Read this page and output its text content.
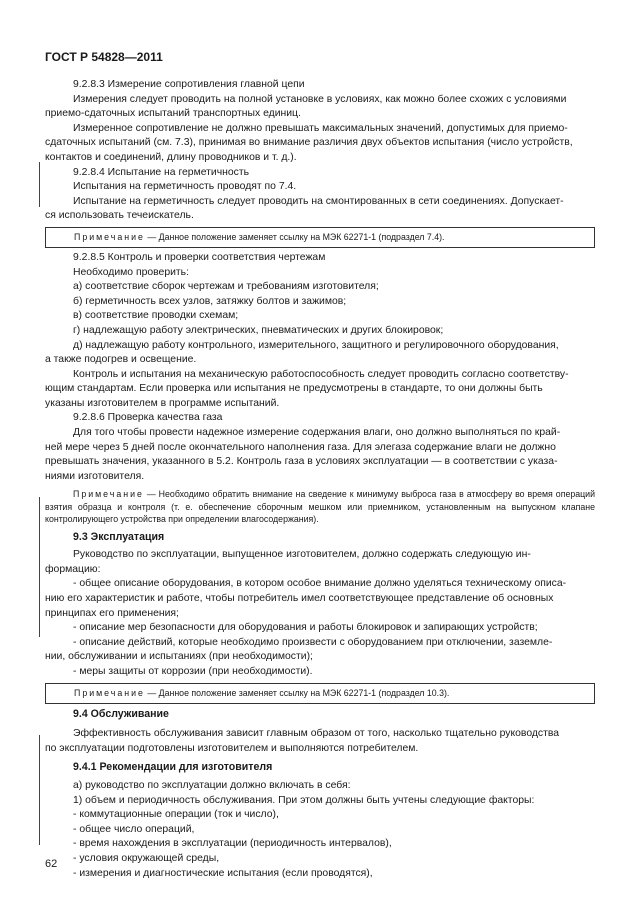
ГОСТ Р 54828—2011

9.2.8.3 Измерение сопротивления главной цепи

Измерения следует проводить на полной установке в условиях, как можно более схожих с условиями

приемо-сдаточных испытаний транспортных единиц.

Измеренное сопротивление не должно превышать максимальных значений, допустимых для приемо-

сдаточных испытаний (см. 7.3), принимая во внимание различия двух объектов испытания (число устройств,

контактов и соединений, длину проводников и т. д.).

9.2.8.4 Испытание на герметичность

Испытания на герметичность проводят по 7.4.

Испытание на герметичность следует проводить на смонтированных в сети соединениях. Допускает-

ся использовать течеискатель.

Примечание — Данное положение заменяет ссылку на МЭК 62271-1 (подраздел 7.4).

9.2.8.5 Контроль и проверки соответствия чертежам

Необходимо проверить:

а) соответствие сборок чертежам и требованиям изготовителя;

б) герметичность всех узлов, затяжку болтов и зажимов;

в) соответствие проводки схемам;

г) надлежащую работу электрических, пневматических и других блокировок;

д) надлежащую работу контрольного, измерительного, защитного и регулировочного оборудования,

а также подогрев и освещение.

Контроль и испытания на механическую работоспособность следует проводить согласно соответству-

ющим стандартам. Если проверка или испытания не предусмотрены в стандарте, то они должны быть

указаны изготовителем в программе испытаний.

9.2.8.6 Проверка качества газа

Для того чтобы провести надежное измерение содержания влаги, оно должно выполняться по край-

ней мере через 5 дней после окончательного наполнения газа. Для элегаза содержание влаги не должно

превышать значения, указанного в 5.2. Контроль газа в условиях эксплуатации — в соответствии с указа-

ниями изготовителя.

Примечание — Необходимо обратить внимание на сведение к минимуму выброса газа в атмосферу во время операций взятия образца и контроля (т. е. обеспечение сборочным мешком или приемником, установленным на выпускном клапане контролирующего устройства при определении влагосодержания).

9.3 Эксплуатация

Руководство по эксплуатации, выпущенное изготовителем, должно содержать следующую ин-

формацию:

- общее описание оборудования, в котором особое внимание должно уделяться техническому описа-

нию его характеристик и работе, чтобы потребитель имел соответствующее представление об основных

принципах его применения;

- описание мер безопасности для оборудования и работы блокировок и запирающих устройств;

- описание действий, которые необходимо произвести с оборудованием при отключении, заземле-

нии, обслуживании и испытаниях (при необходимости);

- меры защиты от коррозии (при необходимости).

Примечание — Данное положение заменяет ссылку на МЭК 62271-1 (подраздел 10.3).

9.4 Обслуживание

Эффективность обслуживания зависит главным образом от того, насколько тщательно руководства

по эксплуатации подготовлены изготовителем и выполняются потребителем.

9.4.1 Рекомендации для изготовителя

а) руководство по эксплуатации должно включать в себя:

1) объем и периодичность обслуживания. При этом должны быть учтены следующие факторы:

- коммутационные операции (ток и число),

- общее число операций,

- время нахождения в эксплуатации (периодичность интервалов),

- условия окружающей среды,

- измерения и диагностические испытания (если проводятся),

62
